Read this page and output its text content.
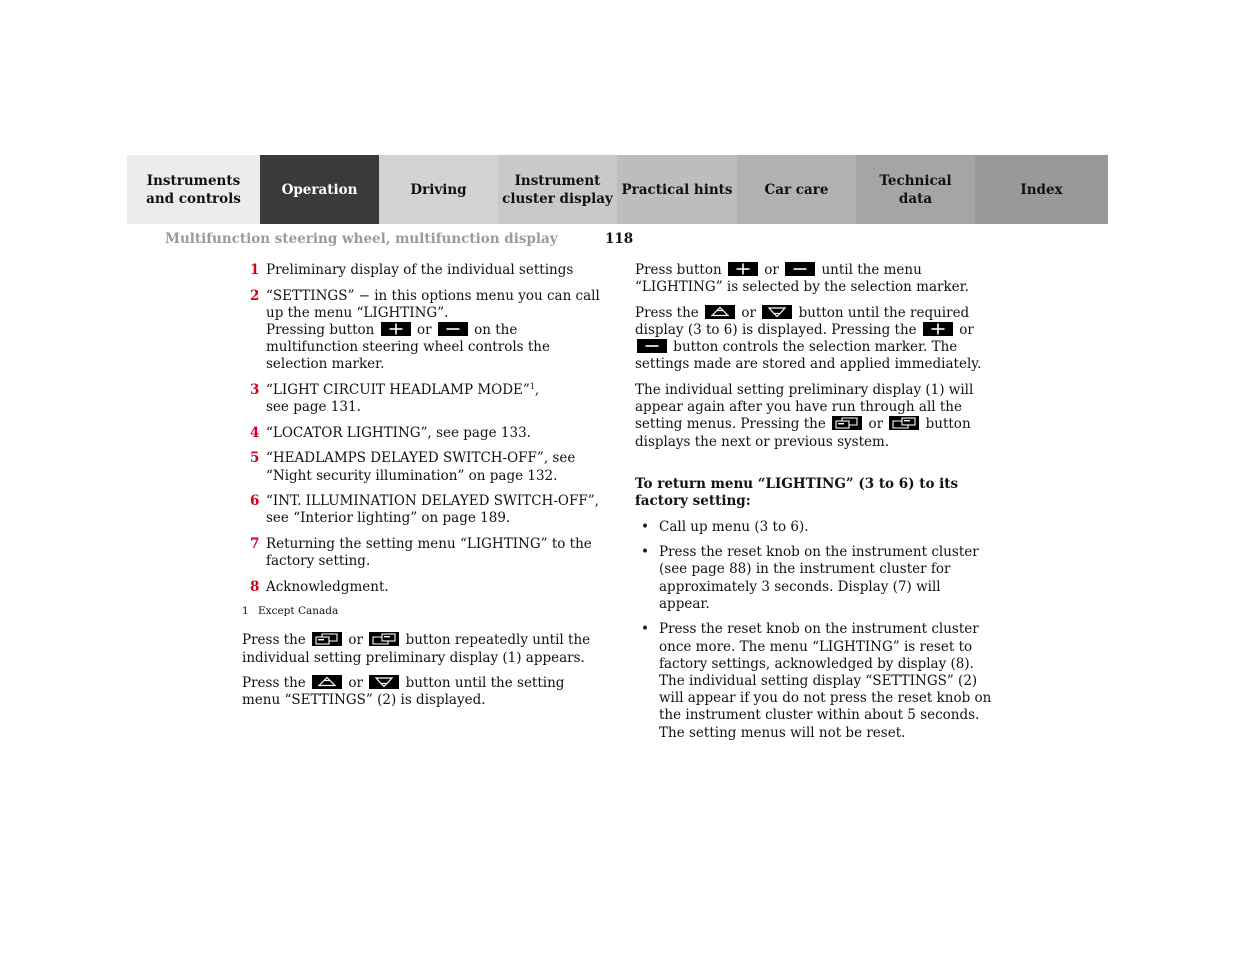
Instruments
and controls
Operation	Driving
Instrument
cluster display
Practical hints Car care
Technical
data
Index
Multifunction steering wheel, multifunction display	118
1 Preliminary display of the individual settings
2 “SETTINGS” − in this options menu you can call up the menu “LIGHTING”.
Pressing button	or	on the multifunction steering wheel controls the selection marker.
3 “LIGHT CIRCUIT HEADLAMP MODE”$^1$,
see page 131.
4 “LOCATOR LIGHTING”, see page 133.
5 “HEADLAMPS DELAYED SWITCH-OFF”, see “Night security illumination” on page 132.
6 “INT. ILLUMINATION DELAYED SWITCH-OFF”, see “Interior lighting” on page 189.
7 Returning the setting menu “LIGHTING” to the factory setting.
8 Acknowledgment.
1 Except Canada

Press the	or	button repeatedly until the individual setting preliminary display (1) appears.

Press the	or	button until the setting menu “SETTINGS” (2) is displayed.

Press button	or	until the menu “LIGHTING” is selected by the selection marker.

Press the	or	button until the required display (3 to 6) is displayed. Pressing the	or
button controls the selection marker. The settings made are stored and applied immediately.

The individual setting preliminary display (1) will appear again after you have run through all the setting menus. Pressing the	or	button displays the next or previous system.

To return menu “LIGHTING” (3 to 6) to its factory setting:
• Call up menu (3 to 6).
• Press the reset knob on the instrument cluster (see page 88) in the instrument cluster for approximately 3 seconds. Display (7) will appear.
• Press the reset knob on the instrument cluster once more. The menu “LIGHTING” is reset to factory settings, acknowledged by display (8).
The individual setting display “SETTINGS” (2) will appear if you do not press the reset knob on the instrument cluster within about 5 seconds. The setting menus will not be reset.
